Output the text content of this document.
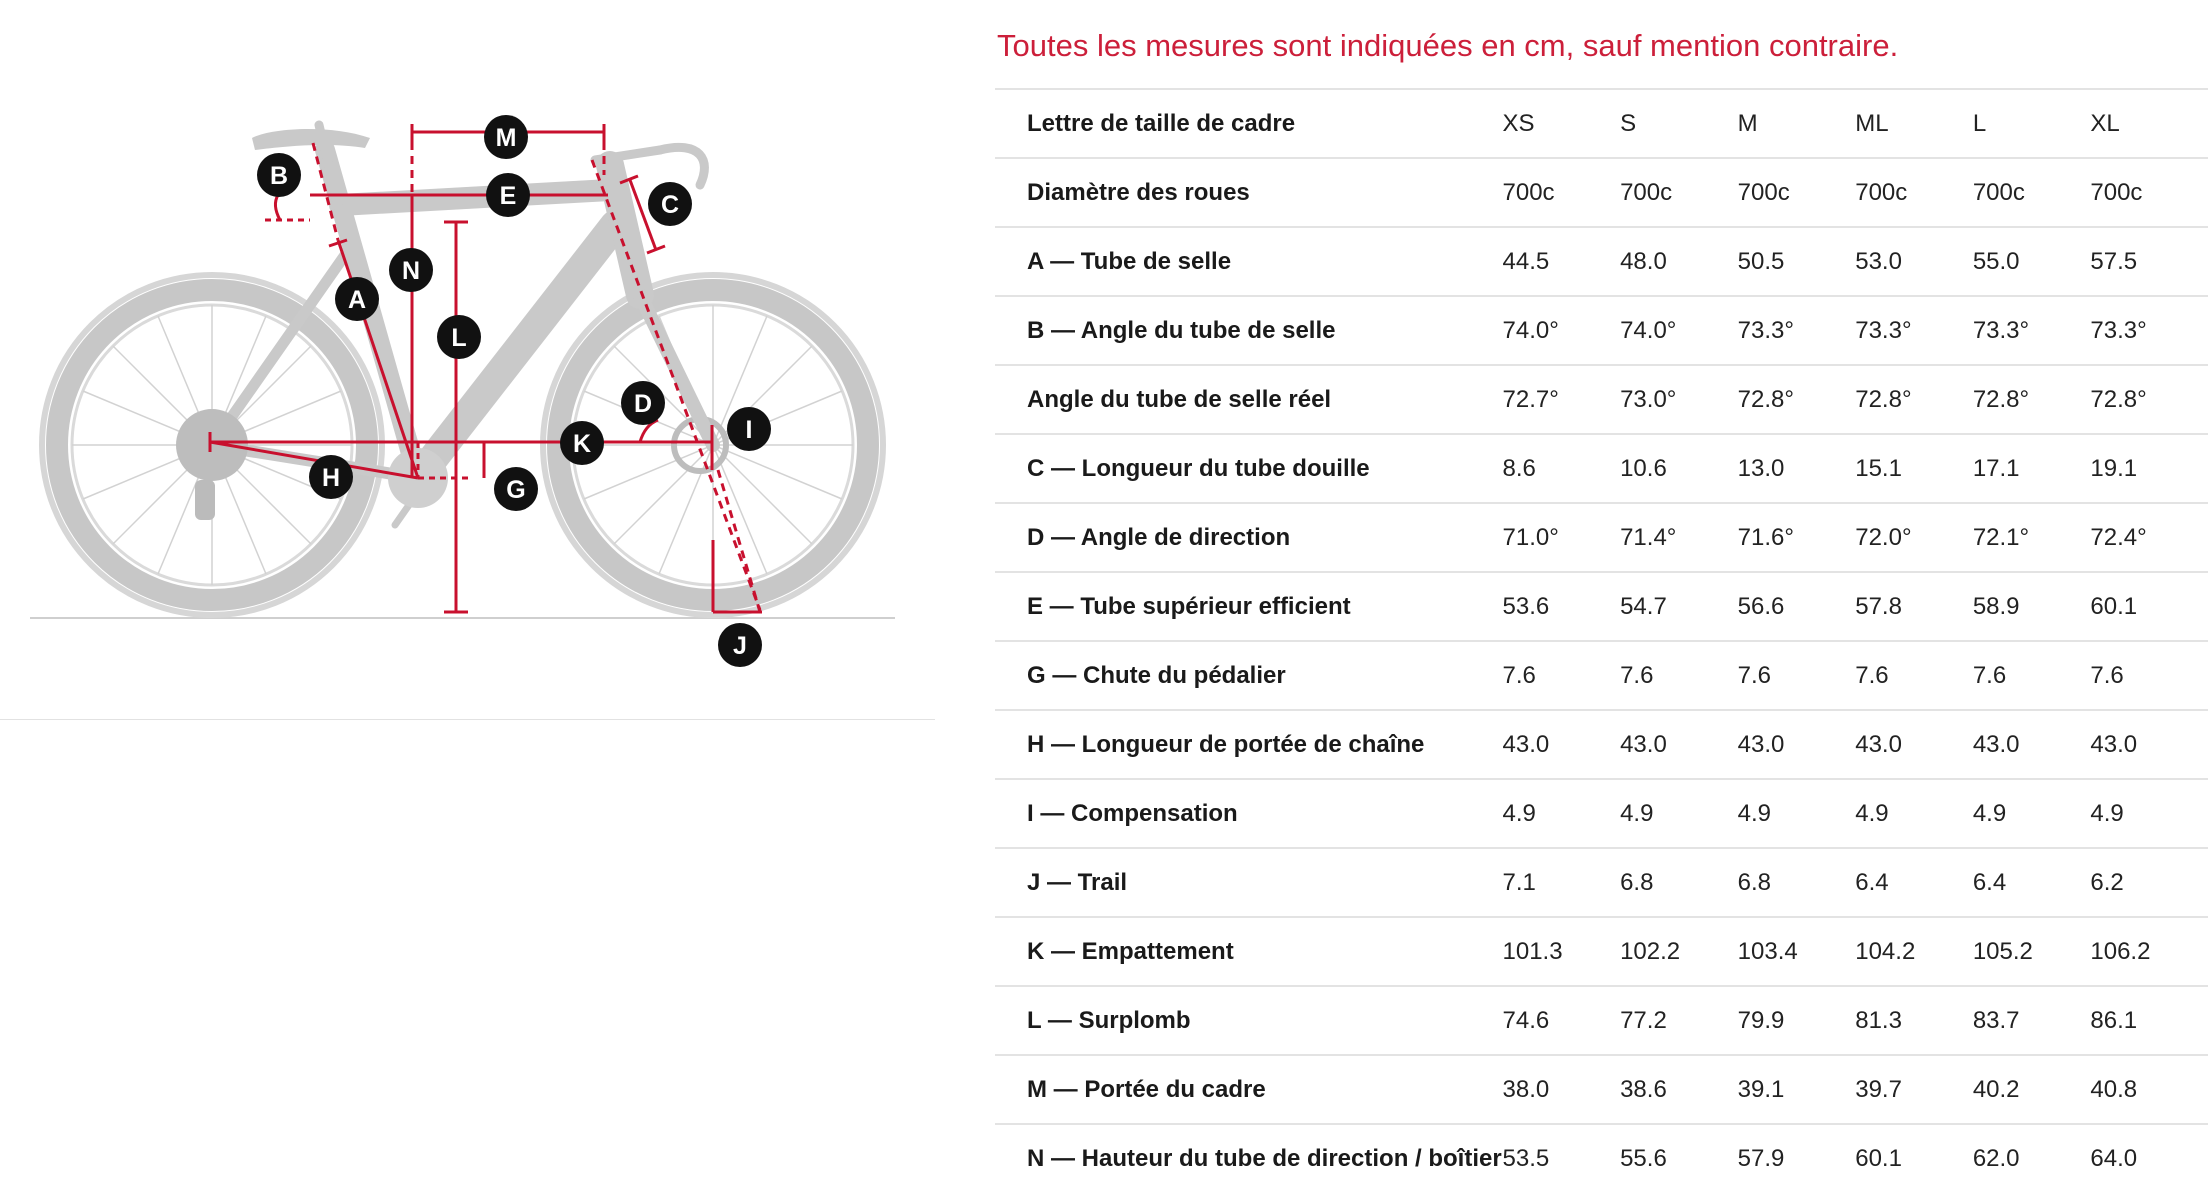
M
B
E	C
N
A
L
D
I
K
H	G
J
Toutes les mesures sont indiquées en cm, sauf mention contraire.
Lettre de taille de cadre	XS	S	M	ML	L	XL
Diamètre des roues	700c	700c	700c	700c	700c	700c
A — Tube de selle	44.5	48.0	50.5	53.0	55.0	57.5
B — Angle du tube de selle	74.0°	74.0°	73.3°	73.3°	73.3°	73.3°
Angle du tube de selle réel	72.7°	73.0°	72.8°	72.8°	72.8°	72.8°
C — Longueur du tube douille	8.6	10.6	13.0	15.1	17.1	19.1
D — Angle de direction	71.0°	71.4°	71.6°	72.0°	72.1°	72.4°
E — Tube supérieur efficient	53.6	54.7	56.6	57.8	58.9	60.1
G — Chute du pédalier	7.6	7.6	7.6	7.6	7.6	7.6
H — Longueur de portée de chaîne	43.0	43.0	43.0	43.0	43.0	43.0
I — Compensation	4.9	4.9	4.9	4.9	4.9	4.9
J — Trail	7.1	6.8	6.8	6.4	6.4	6.2
K — Empattement	101.3	102.2	103.4	104.2	105.2	106.2
L — Surplomb	74.6	77.2	79.9	81.3	83.7	86.1
M — Portée du cadre	38.0	38.6	39.1	39.7	40.2	40.8
N — Hauteur du tube de direction / boîtier	53.5	55.6	57.9	60.1	62.0	64.0
